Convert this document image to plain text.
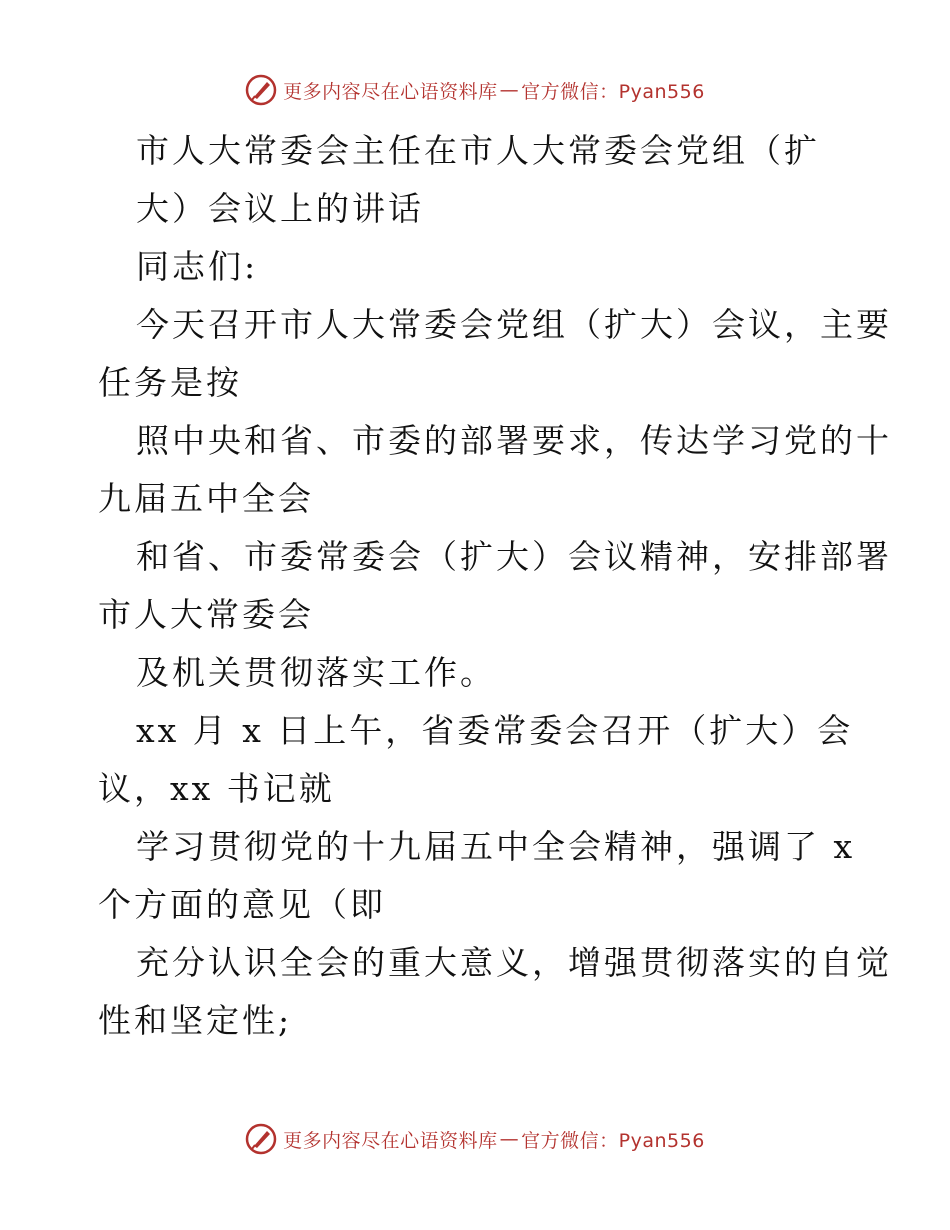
更多内容尽在心语资料库 — 官方微信：Pyan556
市人大常委会主任在市人大常委会党组（扩
大）会议上的讲话
同志们:
今天召开市人大常委会党组（扩大）会议，主要
任务是按
照中央和省、市委的部署要求，传达学习党的十
九届五中全会
和省、市委常委会（扩大）会议精神，安排部署
市人大常委会
及机关贯彻落实工作。
xx 月 x 日上午，省委常委会召开（扩大）会
议，xx 书记就
学习贯彻党的十九届五中全会精神，强调了 x
个方面的意见（即
充分认识全会的重大意义，增强贯彻落实的自觉
性和坚定性;
更多内容尽在心语资料库 — 官方微信：Pyan556
